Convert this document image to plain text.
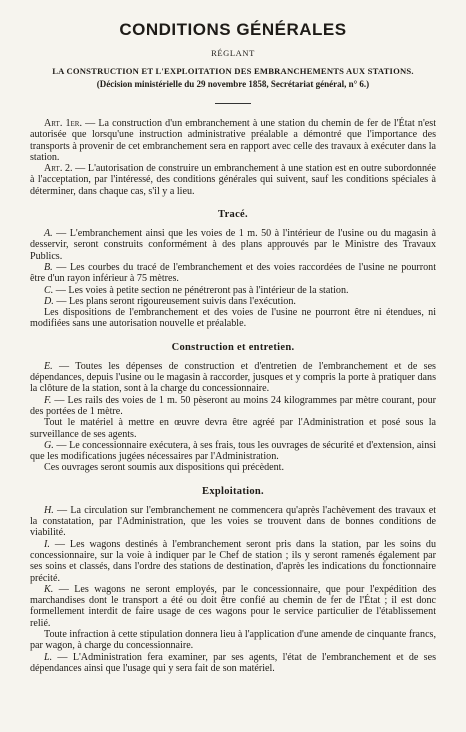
CONDITIONS GÉNÉRALES
RÉGLANT
LA CONSTRUCTION ET L'EXPLOITATION DES EMBRANCHEMENTS AUX STATIONS.
(Décision ministérielle du 29 novembre 1858, Secrétariat général, n° 6.)

Art. 1er. — La construction d'un embranchement à une station du chemin de fer de l'État n'est autorisée que lorsqu'une instruction administrative préalable a démontré que l'importance des transports à provenir de cet embranchement sera en rapport avec celle des travaux à exécuter dans la station.

Art. 2. — L'autorisation de construire un embranchement à une station est en outre subordonnée à l'acceptation, par l'intéressé, des conditions générales qui suivent, sauf les conditions spéciales à déterminer, dans chaque cas, s'il y a lieu.

Tracé.

A. — L'embranchement ainsi que les voies de 1 m. 50 à l'intérieur de l'usine ou du magasin à desservir, seront construits conformément à des plans approuvés par le Ministre des Travaux Publics.

B. — Les courbes du tracé de l'embranchement et des voies raccordées de l'usine ne pourront être d'un rayon inférieur à 75 mètres.

C. — Les voies à petite section ne pénétreront pas à l'intérieur de la station.

D. — Les plans seront rigoureusement suivis dans l'exécution.

Les dispositions de l'embranchement et des voies de l'usine ne pourront être ni étendues, ni modifiées sans une autorisation nouvelle et préalable.

Construction et entretien.

E. — Toutes les dépenses de construction et d'entretien de l'embranchement et de ses dépendances, depuis l'usine ou le magasin à raccorder, jusques et y compris la porte à pratiquer dans la clôture de la station, sont à la charge du concessionnaire.

F. — Les rails des voies de 1 m. 50 pèseront au moins 24 kilogrammes par mètre courant, pour des portées de 1 mètre.

Tout le matériel à mettre en œuvre devra être agréé par l'Administration et posé sous la surveillance de ses agents.

G. — Le concessionnaire exécutera, à ses frais, tous les ouvrages de sécurité et d'extension, ainsi que les modifications jugées nécessaires par l'Administration.

Ces ouvrages seront soumis aux dispositions qui précèdent.

Exploitation.

H. — La circulation sur l'embranchement ne commencera qu'après l'achèvement des travaux et la constatation, par l'Administration, que les voies se trouvent dans de bonnes conditions de viabilité.

I. — Les wagons destinés à l'embranchement seront pris dans la station, par les soins du concessionnaire, sur la voie à indiquer par le Chef de station ; ils y seront ramenés également par ses soins et classés, dans l'ordre des stations de destination, d'après les indications du fonctionnaire précité.

K. — Les wagons ne seront employés, par le concessionnaire, que pour l'expédition des marchandises dont le transport a été ou doit être confié au chemin de fer de l'État ; il est donc formellement interdit de faire usage de ces wagons pour le service particulier de l'établissement relié.

Toute infraction à cette stipulation donnera lieu à l'application d'une amende de cinquante francs, par wagon, à charge du concessionnaire.

L. — L'Administration fera examiner, par ses agents, l'état de l'embranchement et de ses dépendances ainsi que l'usage qui y sera fait de son matériel.
